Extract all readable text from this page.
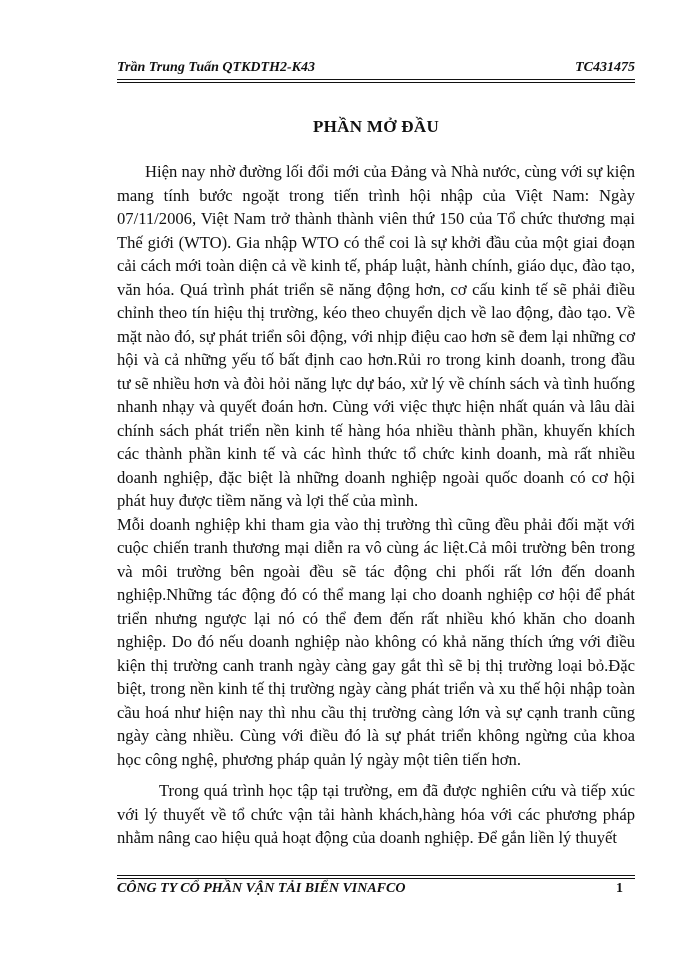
Trần Trung Tuấn QTKDTH2-K43	TC431475
PHẦN MỞ ĐẦU

Hiện nay nhờ đường lối đổi mới của Đảng và Nhà nước, cùng với sự kiện mang tính bước ngoặt trong tiến trình hội nhập của Việt Nam: Ngày 07/11/2006, Việt Nam trở thành thành viên thứ 150 của Tổ chức thương mại Thế giới (WTO). Gia nhập WTO có thể coi là sự khởi đầu của một giai đoạn cải cách mới toàn diện cả về kinh tế, pháp luật, hành chính, giáo dục, đào tạo, văn hóa. Quá trình phát triển sẽ năng động hơn, cơ cấu kinh tế sẽ phải điều chỉnh theo tín hiệu thị trường, kéo theo chuyển dịch về lao động, đào tạo. Về mặt nào đó, sự phát triển sôi động, với nhịp điệu cao hơn sẽ đem lại những cơ hội và cả những yếu tố bất định cao hơn.Rủi ro trong kinh doanh, trong đầu tư sẽ nhiều hơn và đòi hỏi năng lực dự báo, xử lý về chính sách và tình huống nhanh nhạy và quyết đoán hơn. Cùng với việc thực hiện nhất quán và lâu dài chính sách phát triển nền kinh tế hàng hóa nhiều thành phần, khuyến khích các thành phần kinh tế và các hình thức tổ chức kinh doanh, mà rất nhiều doanh nghiệp, đặc biệt là những doanh nghiệp ngoài quốc doanh có cơ hội phát huy được tiềm năng và lợi thế của mình.

Mỗi doanh nghiệp khi tham gia vào thị trường thì cũng đều phải đối mặt với cuộc chiến tranh thương mại diễn ra vô cùng ác liệt.Cả môi trường bên trong và môi trường bên ngoài đều sẽ tác động chi phối rất lớn đến doanh nghiệp.Những tác động đó có thể mang lại cho doanh nghiệp cơ hội để phát triển nhưng ngược lại nó có thể đem đến rất nhiều khó khăn cho doanh nghiệp. Do đó nếu doanh nghiệp nào không có khả năng thích ứng với điều kiện thị trường canh tranh ngày càng gay gắt thì sẽ bị thị trường loại bỏ.Đặc biệt, trong nền kinh tế thị trường ngày càng phát triển và xu thế hội nhập toàn cầu hoá như hiện nay thì nhu cầu thị trường càng lớn và sự cạnh tranh cũng ngày càng nhiều. Cùng với điều đó là sự phát triển không ngừng của khoa học công nghệ, phương pháp quản lý ngày một tiên tiến hơn.

Trong quá trình học tập tại trường, em đã được nghiên cứu và tiếp xúc với lý thuyết về tổ chức vận tải hành khách,hàng hóa với các phương pháp nhằm nâng cao hiệu quả hoạt động của doanh nghiệp. Để gắn liền lý thuyết

CÔNG TY CỔ PHẦN VẬN TẢI BIỂN VINAFCO	1
